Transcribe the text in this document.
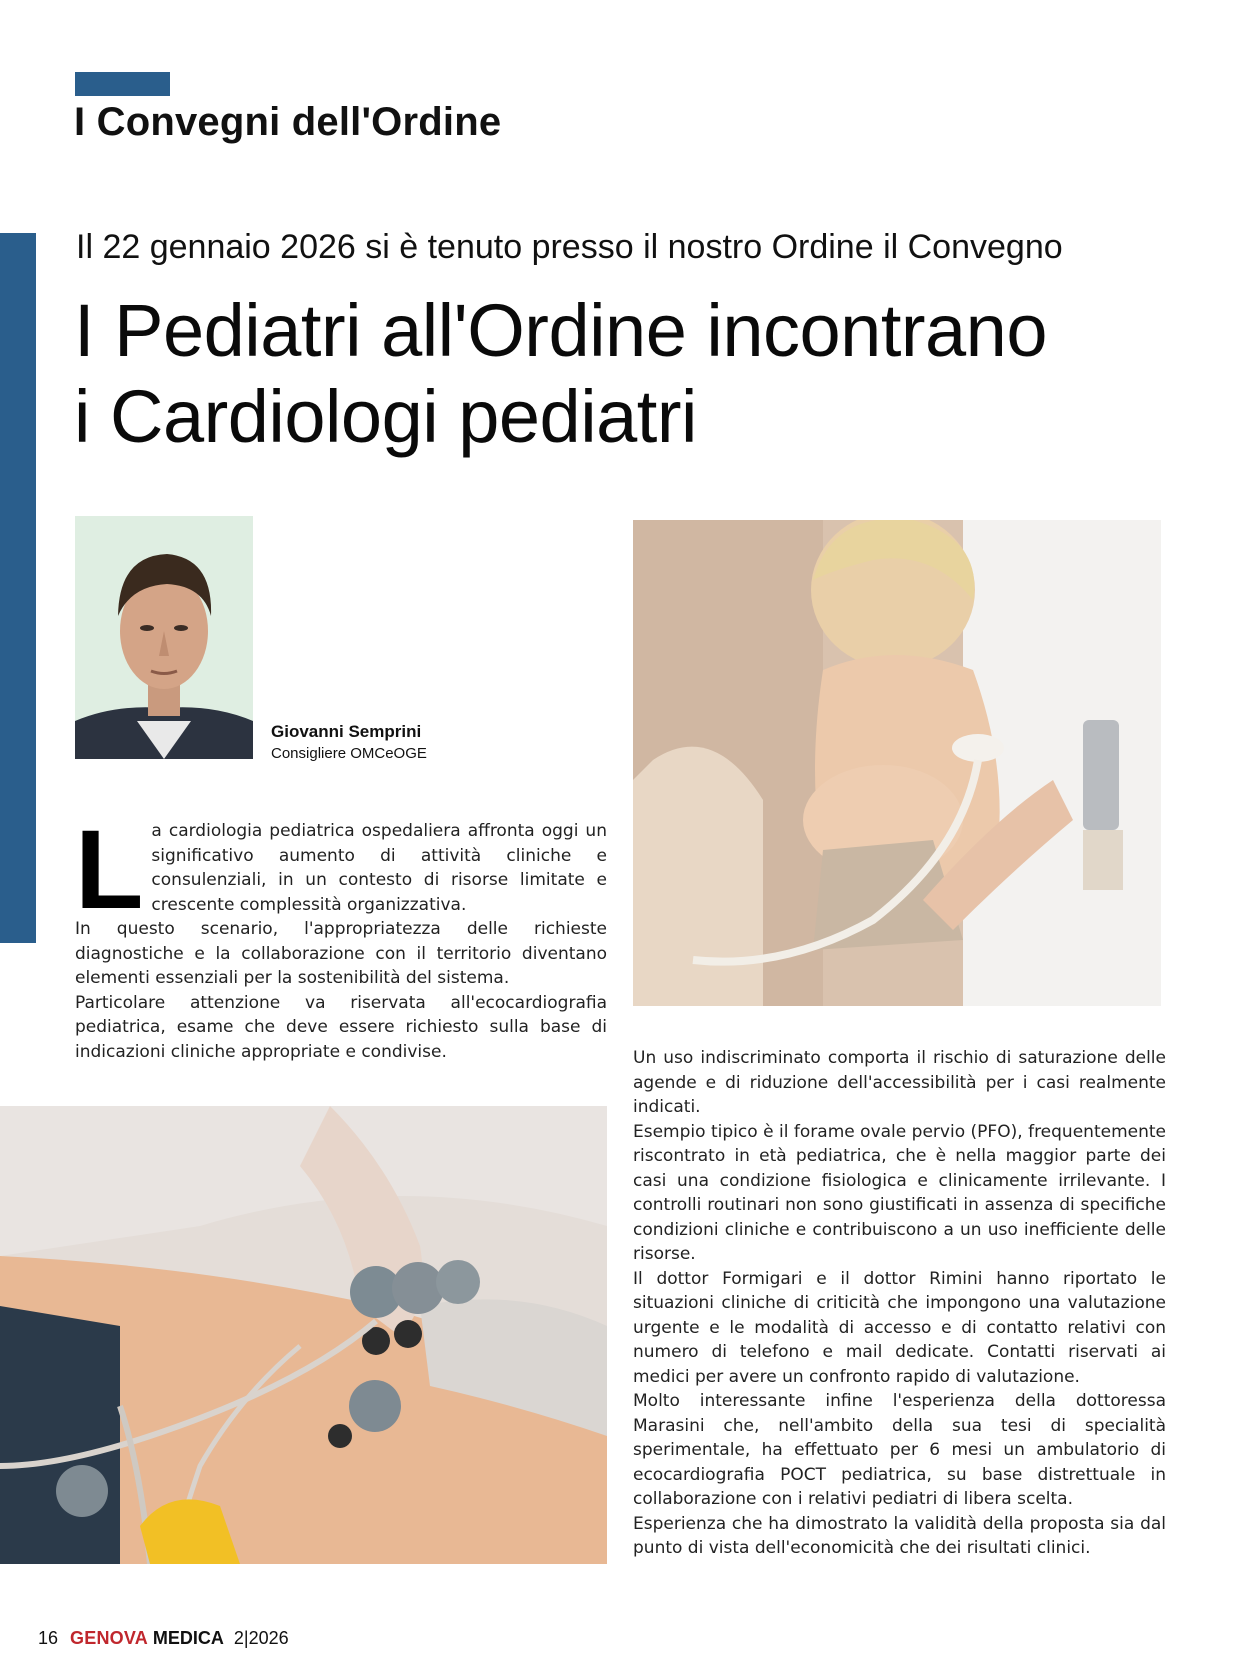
I Convegni dell'Ordine
Il 22 gennaio 2026 si è tenuto presso il nostro Ordine il Convegno
I Pediatri all'Ordine incontrano
i Cardiologi pediatri
Giovanni Semprini
Consigliere OMCeOGE

La cardiologia pediatrica ospedaliera affronta oggi un significativo aumento di attività cliniche e consulenziali, in un contesto di risorse limitate e crescente complessità organizzativa.

In questo scenario, l'appropriatezza delle richieste diagnostiche e la collaborazione con il territorio diventano elementi essenziali per la sostenibilità del sistema.

Particolare attenzione va riservata all'ecocardiografia pediatrica, esame che deve essere richiesto sulla base di indicazioni cliniche appropriate e condivise.	Un uso indiscriminato comporta il rischio di saturazione delle agende e di riduzione dell'accessibilità per i casi realmente indicati.

Esempio tipico è il forame ovale pervio (PFO), frequentemente riscontrato in età pediatrica, che è nella maggior parte dei casi una condizione fisiologica e clinicamente irrilevante. I controlli routinari non sono giustificati in assenza di specifiche condizioni cliniche e contribuiscono a un uso inefficiente delle risorse.

Il dottor Formigari e il dottor Rimini hanno riportato le situazioni cliniche di criticità che impongono una valutazione urgente e le modalità di accesso e di contatto relativi con numero di telefono e mail dedicate. Contatti riservati ai medici per avere un confronto rapido di valutazione.

Molto interessante infine l'esperienza della dottoressa Marasini che, nell'ambito della sua tesi di specialità sperimentale, ha effettuato per 6 mesi un ambulatorio di ecocardiografia POCT pediatrica, su base distrettuale in collaborazione con i relativi pediatri di libera scelta.

Esperienza che ha dimostrato la validità della proposta sia dal punto di vista dell'economicità che dei risultati clinici.

16 GENOVA MEDICA 2|2026
